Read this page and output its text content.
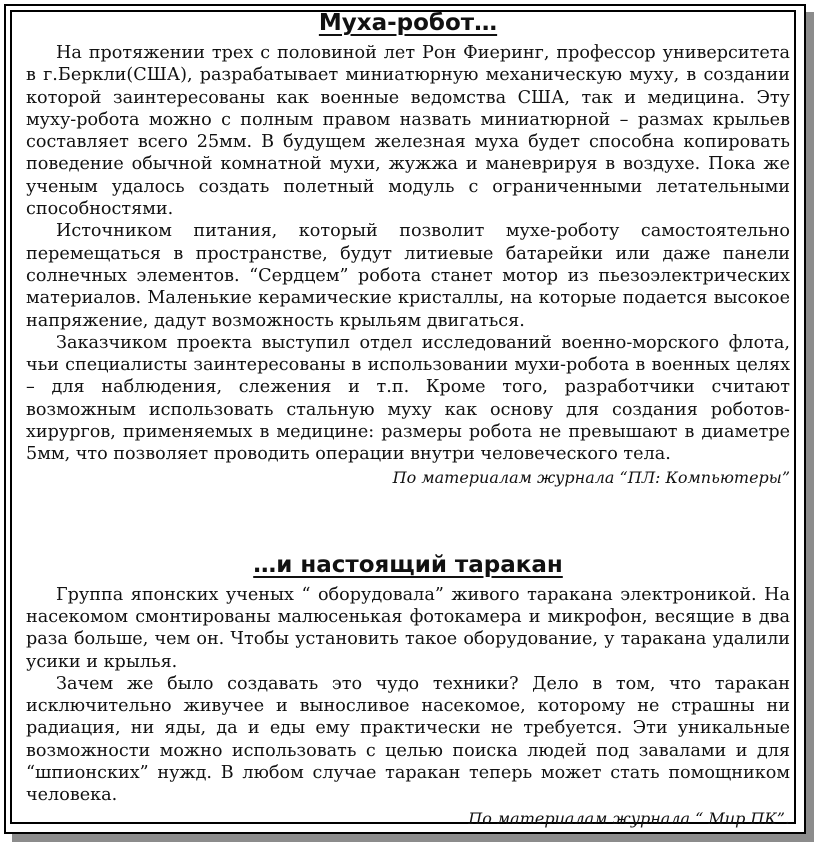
Муха-робот…

На протяжении трех с половиной лет Рон Фиеринг, профессор университета в г.Беркли(США), разрабатывает миниатюрную механическую муху, в создании которой заинтересованы как военные ведомства США, так и медицина. Эту муху-робота можно с полным правом назвать миниатюрной – размах крыльев составляет всего 25мм. В будущем железная муха будет способна копировать поведение обычной комнатной мухи, жужжа и маневрируя в воздухе. Пока же ученым удалось создать полетный модуль с ограниченными летательными способностями.

Источником питания, который позволит мухе-роботу самостоятельно перемещаться в пространстве, будут литиевые батарейки или даже панели солнечных элементов. “Сердцем” робота станет мотор из пьезоэлектрических материалов. Маленькие керамические кристаллы, на которые подается высокое напряжение, дадут возможность крыльям двигаться.

Заказчиком проекта выступил отдел исследований военно-морского флота, чьи специалисты заинтересованы в использовании мухи-робота в военных целях – для наблюдения, слежения и т.п. Кроме того, разработчики считают возможным использовать стальную муху как основу для создания роботов-хирургов, применяемых в медицине: размеры робота не превышают в диаметре 5мм, что позволяет проводить операции внутри человеческого тела.

По материалам журнала “ПЛ: Компьютеры”

…и настоящий таракан

Группа японских ученых “ оборудовала” живого таракана электроникой. На насекомом смонтированы малюсенькая фотокамера и микрофон, весящие в два раза больше, чем он. Чтобы установить такое оборудование, у таракана удалили усики и крылья.

Зачем же было создавать это чудо техники? Дело в том, что таракан исключительно живучее и выносливое насекомое, которому не страшны ни радиация, ни яды, да и еды ему практически не требуется. Эти уникальные возможности можно использовать с целью поиска людей под завалами и для “шпионских” нужд. В любом случае таракан теперь может стать помощником человека.

По материалам журнала “ Мир ПК”.
